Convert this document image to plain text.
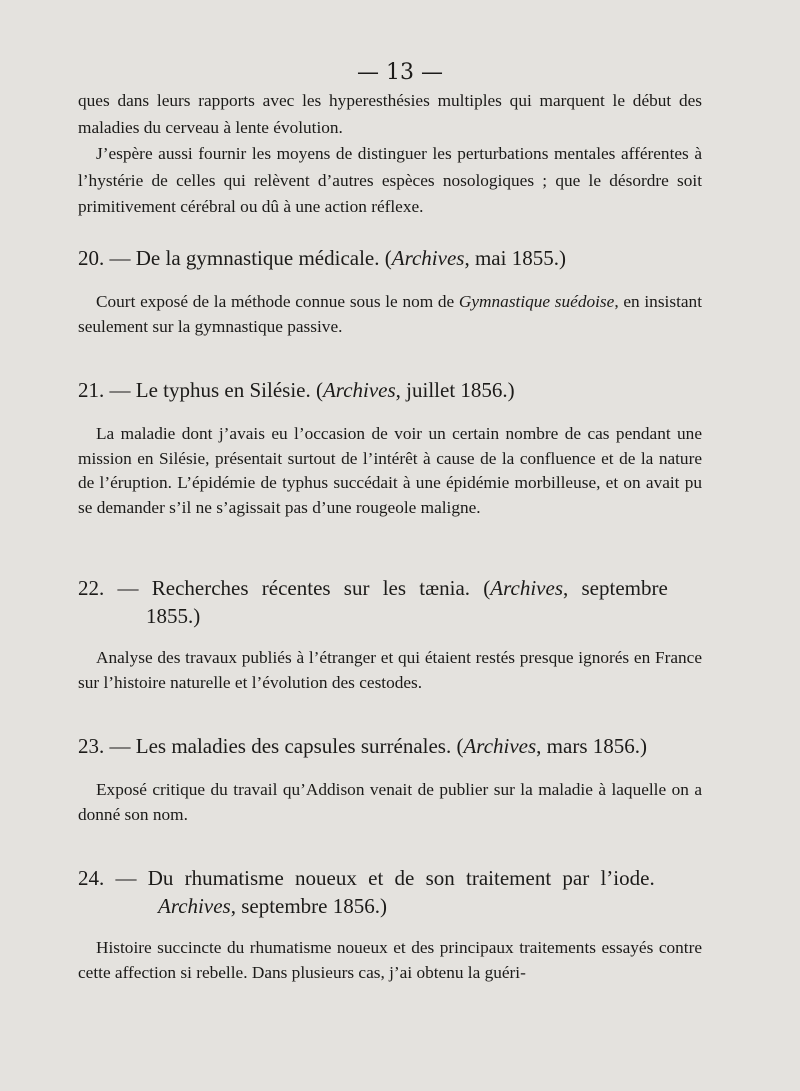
— 13 —

ques dans leurs rapports avec les hyperesthésies multiples qui marquent le début des maladies du cerveau à lente évolution.

J’espère aussi fournir les moyens de distinguer les perturbations mentales afférentes à l’hystérie de celles qui relèvent d’autres espèces nosologiques ; que le désordre soit primitivement cérébral ou dû à une action réflexe.

20. — De la gymnastique médicale. (Archives, mai 1855.)
Court exposé de la méthode connue sous le nom de Gymnastique suédoise, en insistant seulement sur la gymnastique passive.
21. — Le typhus en Silésie. (Archives, juillet 1856.)
La maladie dont j’avais eu l’occasion de voir un certain nombre de cas pendant une mission en Silésie, présentait surtout de l’intérêt à cause de la confluence et de la nature de l’éruption. L’épidémie de typhus succédait à une épidémie morbilleuse, et on avait pu se demander s’il ne s’agissait pas d’une rougeole maligne.
22. — Recherches récentes sur les tænia. (Archives, septembre
1855.)
Analyse des travaux publiés à l’étranger et qui étaient restés presque ignorés en France sur l’histoire naturelle et l’évolution des cestodes.
23. — Les maladies des capsules surrénales. (Archives, mars 1856.)
Exposé critique du travail qu’Addison venait de publier sur la maladie à laquelle on a donné son nom.
24. — Du rhumatisme noueux et de son traitement par l’iode.
Archives, septembre 1856.)
Histoire succincte du rhumatisme noueux et des principaux traitements essayés contre cette affection si rebelle. Dans plusieurs cas, j’ai obtenu la guéri-
